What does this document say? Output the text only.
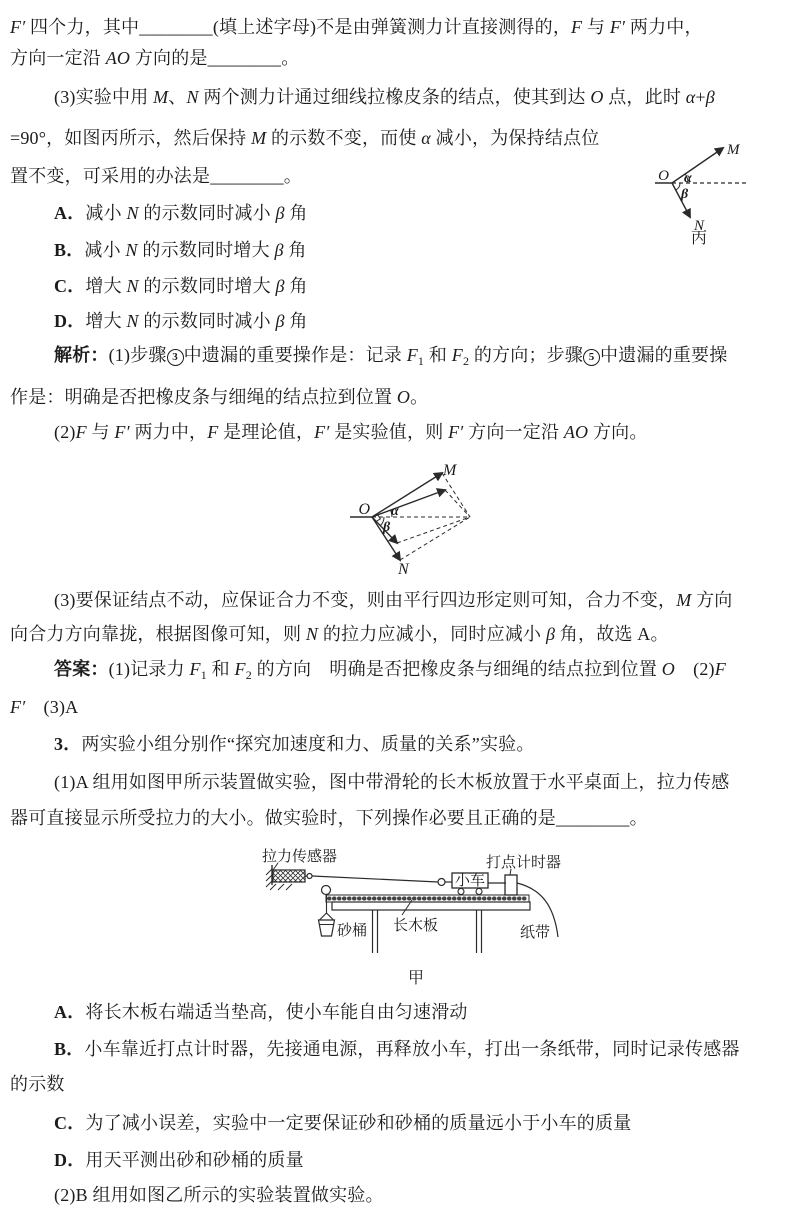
F′ 四个力，其中________(填上述字母)不是由弹簧测力计直接测得的，F 与 F′ 两力中，
方向一定沿 AO 方向的是________。
(3)实验中用 M、N 两个测力计通过细线拉橡皮条的结点，使其到达 O 点，此时 α+β
=90°，如图丙所示，然后保持 M 的示数不变，而使 α 减小，为保持结点位
置不变，可采用的办法是________。
A．减小 N 的示数同时减小 β 角
B．减小 N 的示数同时增大 β 角
C．增大 N 的示数同时增大 β 角
D．增大 N 的示数同时减小 β 角
解析：(1)步骤 3 中遗漏的重要操作是：记录 $F_1$ 和 $F_2$ 的方向；步骤 5 中遗漏的重要操
作是：明确是否把橡皮条与细绳的结点拉到位置 O。
(2)F 与 F′ 两力中，F 是理论值，F′ 是实验值，则 F′ 方向一定沿 AO 方向。
(3)要保证结点不动，应保证合力不变，则由平行四边形定则可知，合力不变，M 方向
向合力方向靠拢，根据图像可知，则 N 的拉力应减小，同时应减小 β 角，故选 A。
答案：(1)记录力 $F_1$ 和 $F_2$ 的方向　明确是否把橡皮条与细绳的结点拉到位置 O　(2)F
F′　(3)A
3．两实验小组分别作“探究加速度和力、质量的关系”实验。
(1)A 组用如图甲所示装置做实验，图中带滑轮的长木板放置于水平桌面上，拉力传感
器可直接显示所受拉力的大小。做实验时，下列操作必要且正确的是________。
A．将长木板右端适当垫高，使小车能自由匀速滑动
B．小车靠近打点计时器，先接通电源，再释放小车，打出一条纸带，同时记录传感器
的示数
C．为了减小误差，实验中一定要保证砂和砂桶的质量远小于小车的质量
D．用天平测出砂和砂桶的质量
(2)B 组用如图乙所示的实验装置做实验。
O
M
N
α
β
丙
O
M
N
α
β
拉力传感器
小车
打点计时器
纸带
砂桶 长木板
甲
